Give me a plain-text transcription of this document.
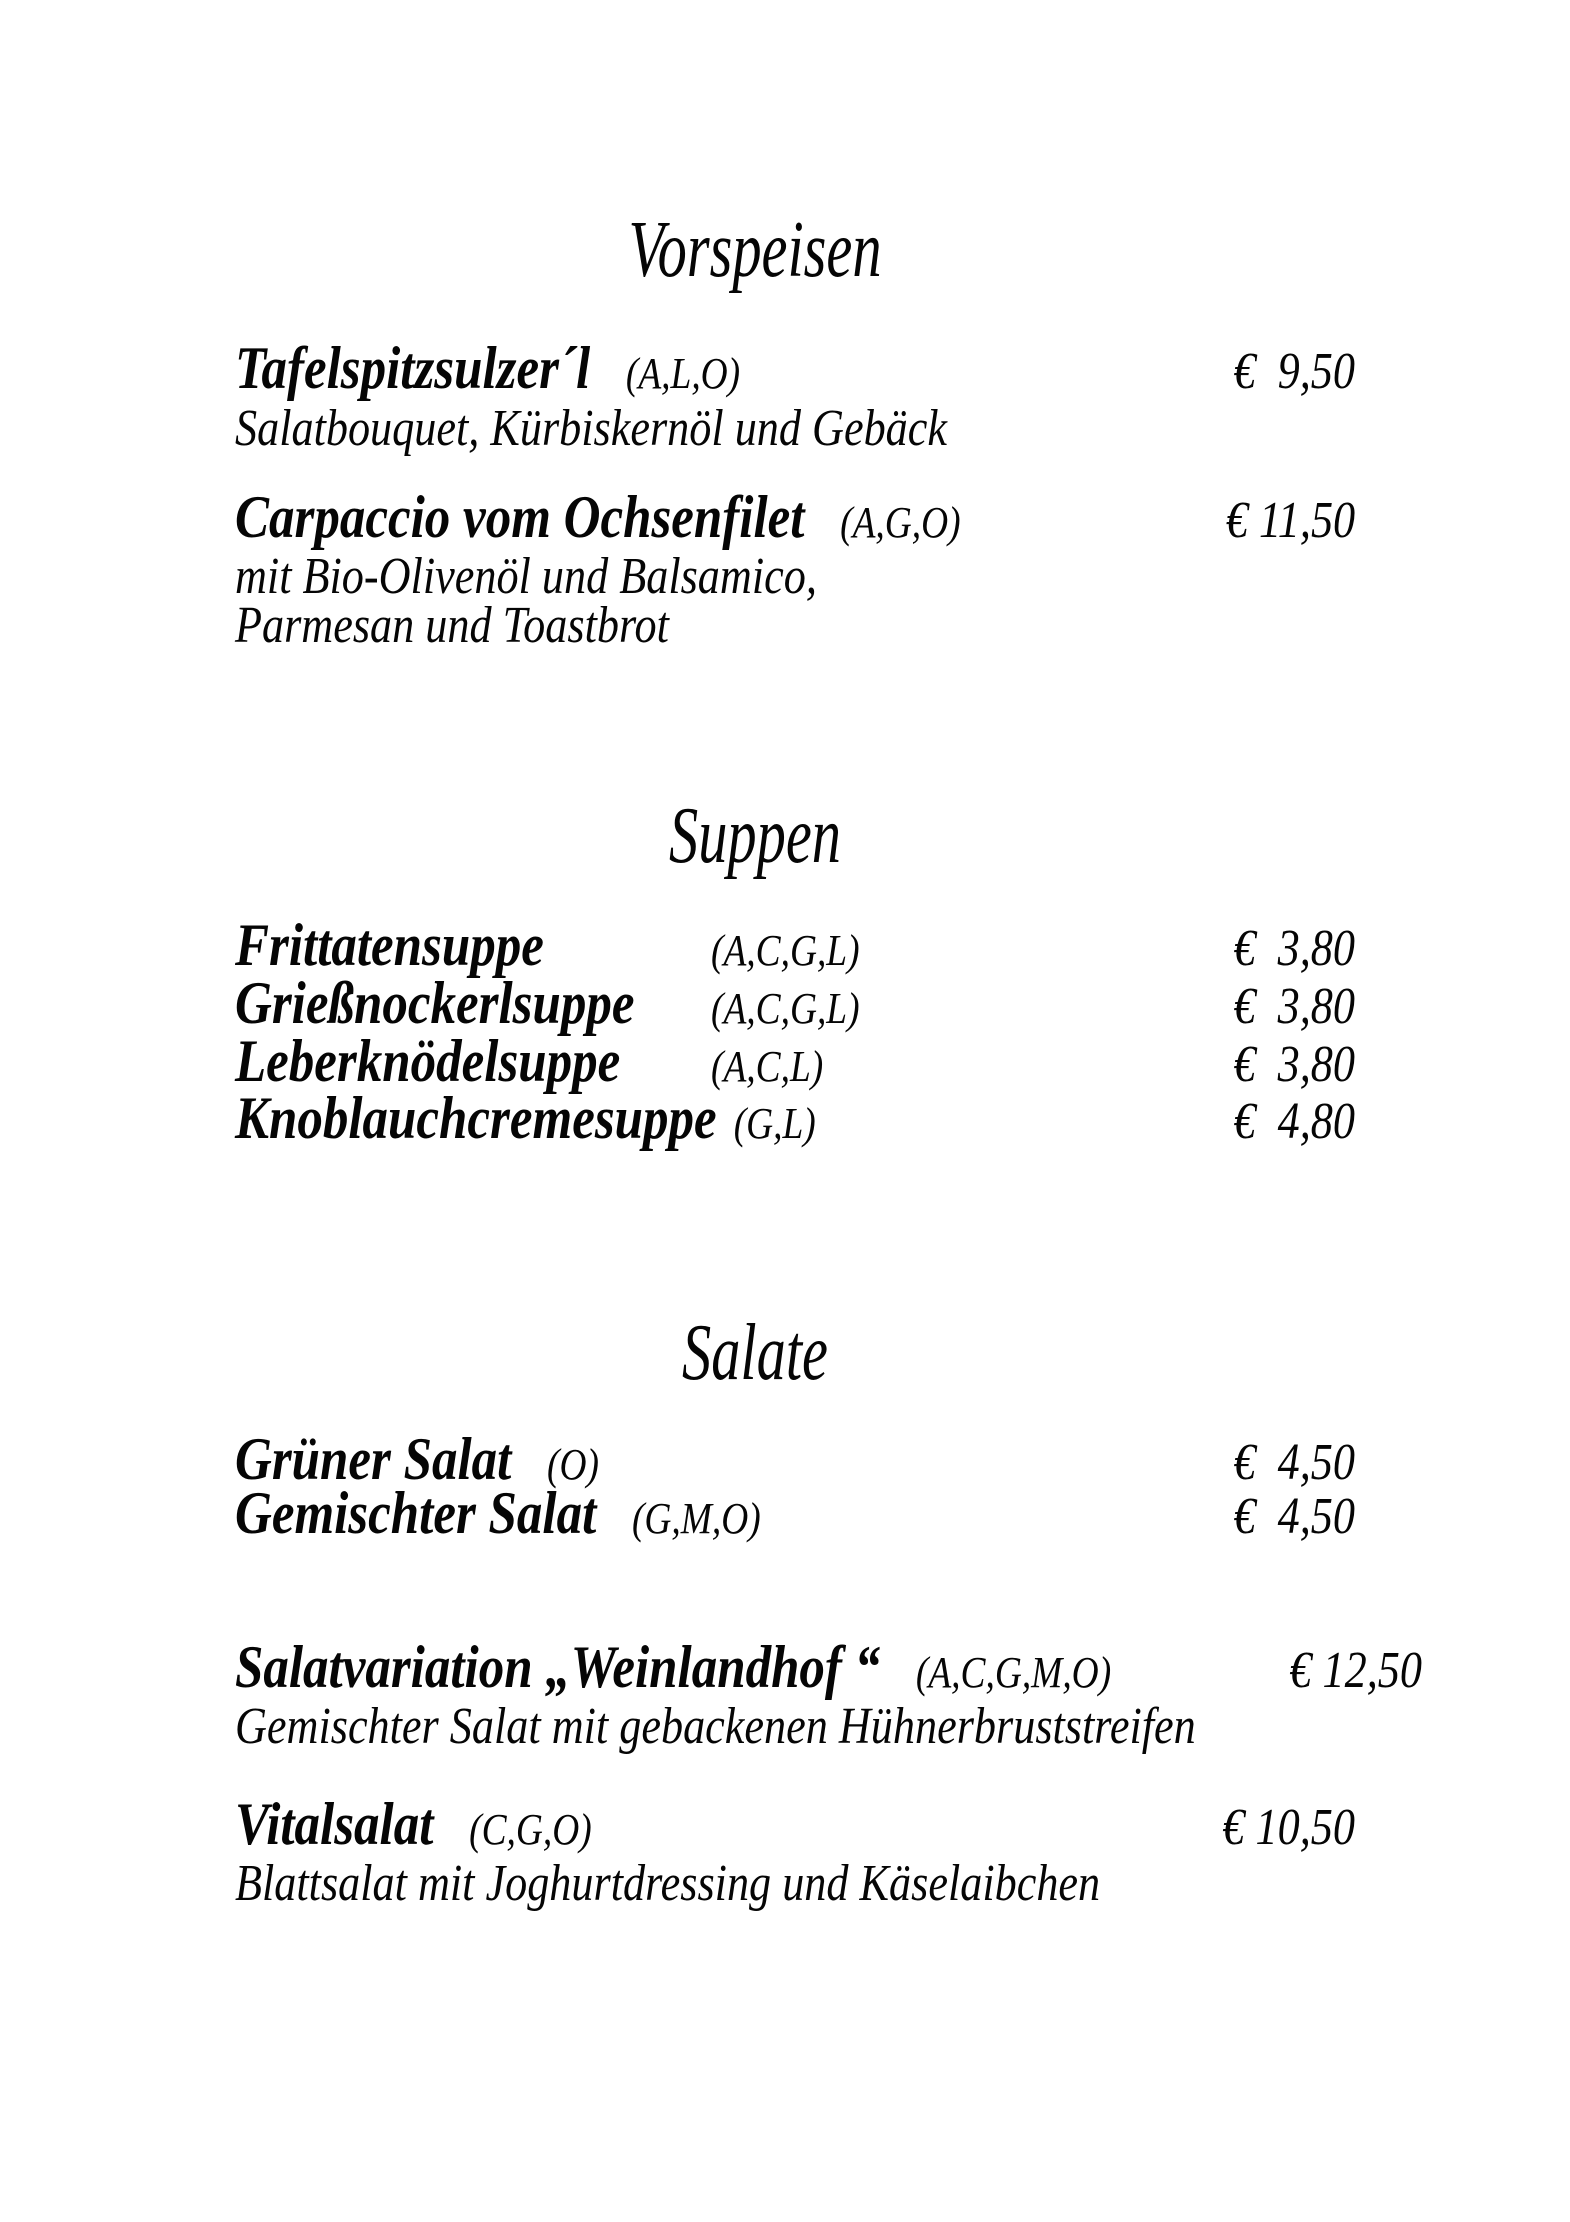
Vorspeisen
Tafelspitzsulzer´l (A,L,O)	€  9,50
Salatbouquet, Kürbiskernöl und Gebäck
Carpaccio vom Ochsenfilet (A,G,O)	€ 11,50
mit Bio-Olivenöl und Balsamico,
Parmesan und Toastbrot
Suppen
Frittatensuppe	(A,C,G,L)	€  3,80
Grießnockerlsuppe (A,C,G,L)	€  3,80
Leberknödelsuppe (A,C,L)	€  3,80
Knoblauchcremesuppe (G,L)	€  4,80
Salate
Grüner Salat (O)	€  4,50
Gemischter Salat (G,M,O)	€  4,50
Salatvariation „Weinlandhof “ (A,C,G,M,O)	€ 12,50
Gemischter Salat mit gebackenen Hühnerbruststreifen
Vitalsalat (C,G,O)	€ 10,50
Blattsalat mit Joghurtdressing und Käselaibchen
